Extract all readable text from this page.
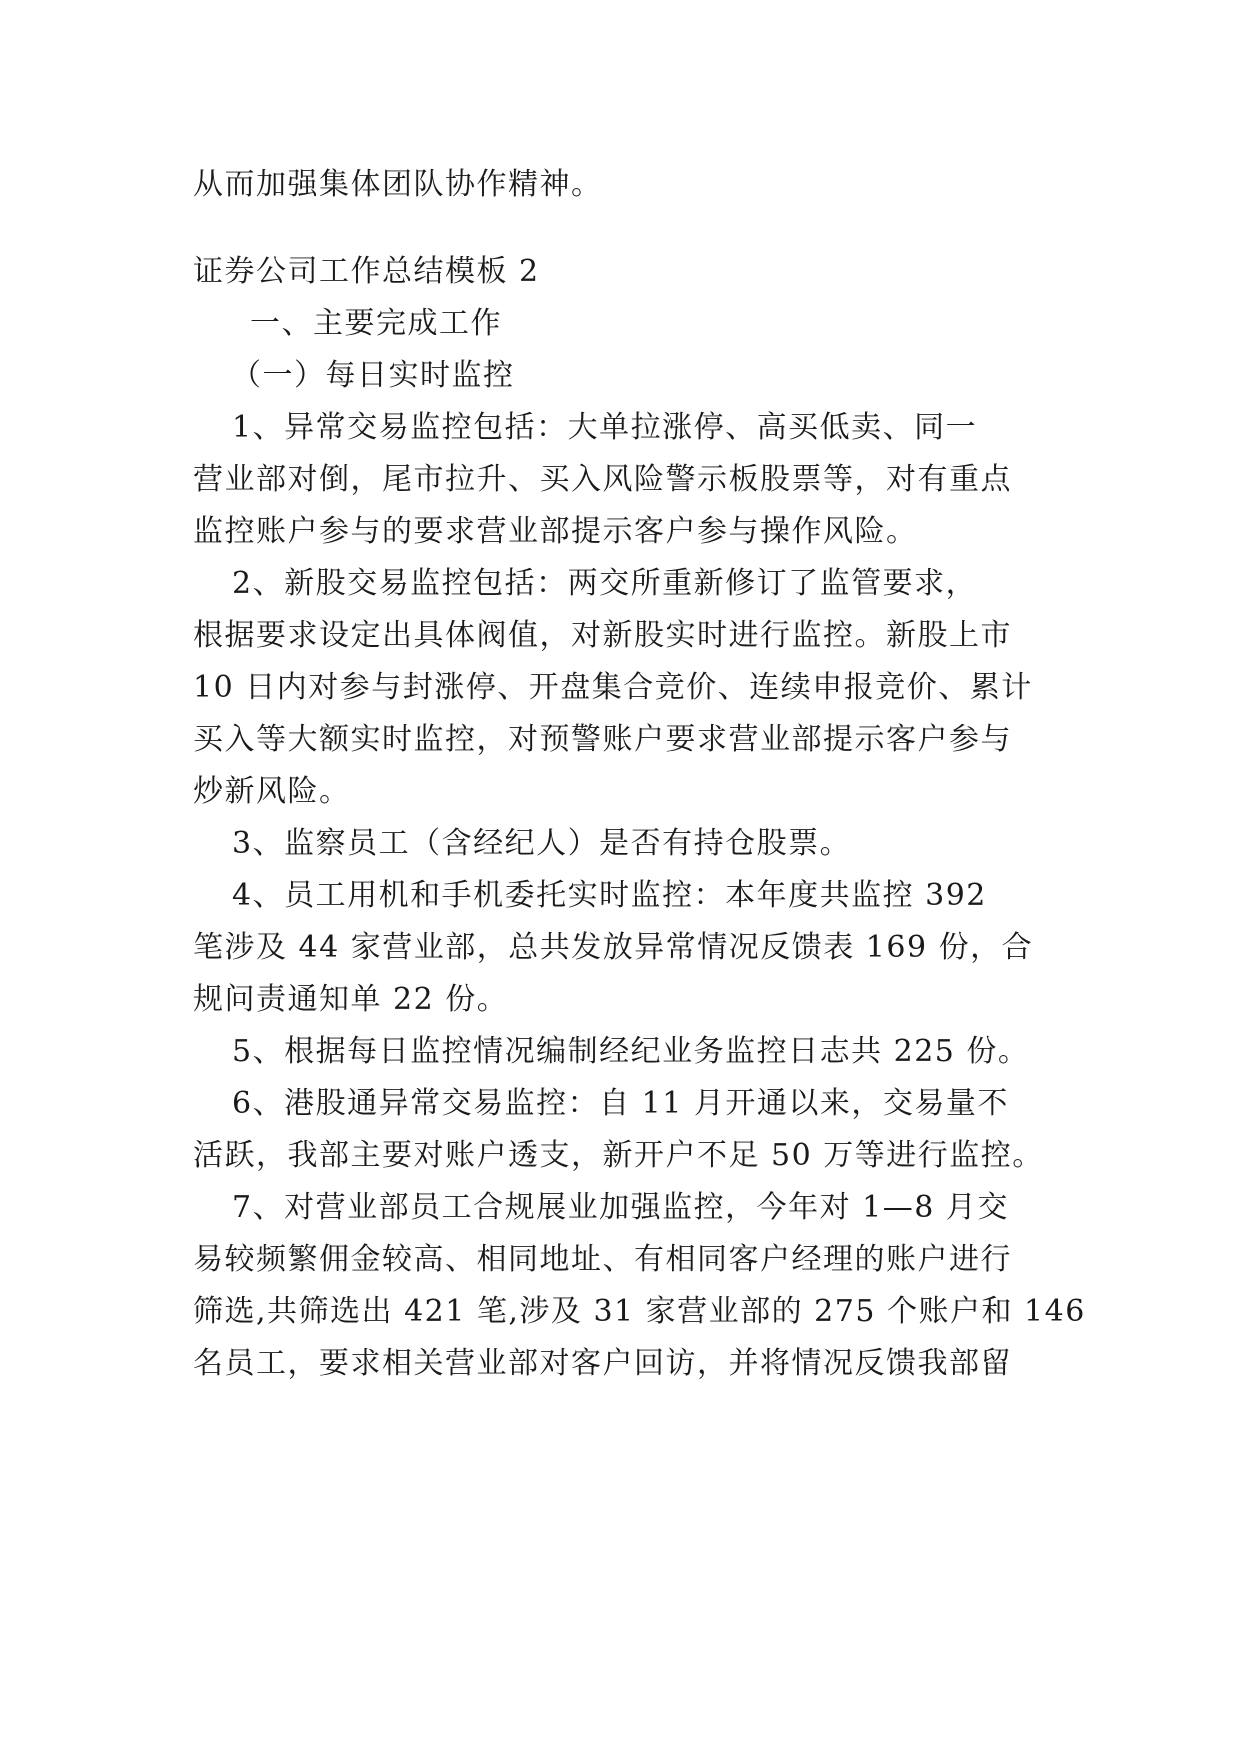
从而加强集体团队协作精神。
证券公司工作总结模板 2
一、主要完成工作
（一）每日实时监控
1、异常交易监控包括：大单拉涨停、高买低卖、同一
营业部对倒，尾市拉升、买入风险警示板股票等，对有重点
监控账户参与的要求营业部提示客户参与操作风险。
2、新股交易监控包括：两交所重新修订了监管要求，
根据要求设定出具体阀值，对新股实时进行监控。新股上市
10 日内对参与封涨停、开盘集合竞价、连续申报竞价、累计
买入等大额实时监控，对预警账户要求营业部提示客户参与
炒新风险。
3、监察员工（含经纪人）是否有持仓股票。
4、员工用机和手机委托实时监控：本年度共监控 392
笔涉及 44 家营业部，总共发放异常情况反馈表 169 份，合
规问责通知单 22 份。
5、根据每日监控情况编制经纪业务监控日志共 225 份。
6、港股通异常交易监控：自 11 月开通以来，交易量不
活跃，我部主要对账户透支，新开户不足 50 万等进行监控。
7、对营业部员工合规展业加强监控，今年对 1—8 月交
易较频繁佣金较高、相同地址、有相同客户经理的账户进行
筛选,共筛选出 421 笔,涉及 31 家营业部的 275 个账户和 146
名员工，要求相关营业部对客户回访，并将情况反馈我部留
